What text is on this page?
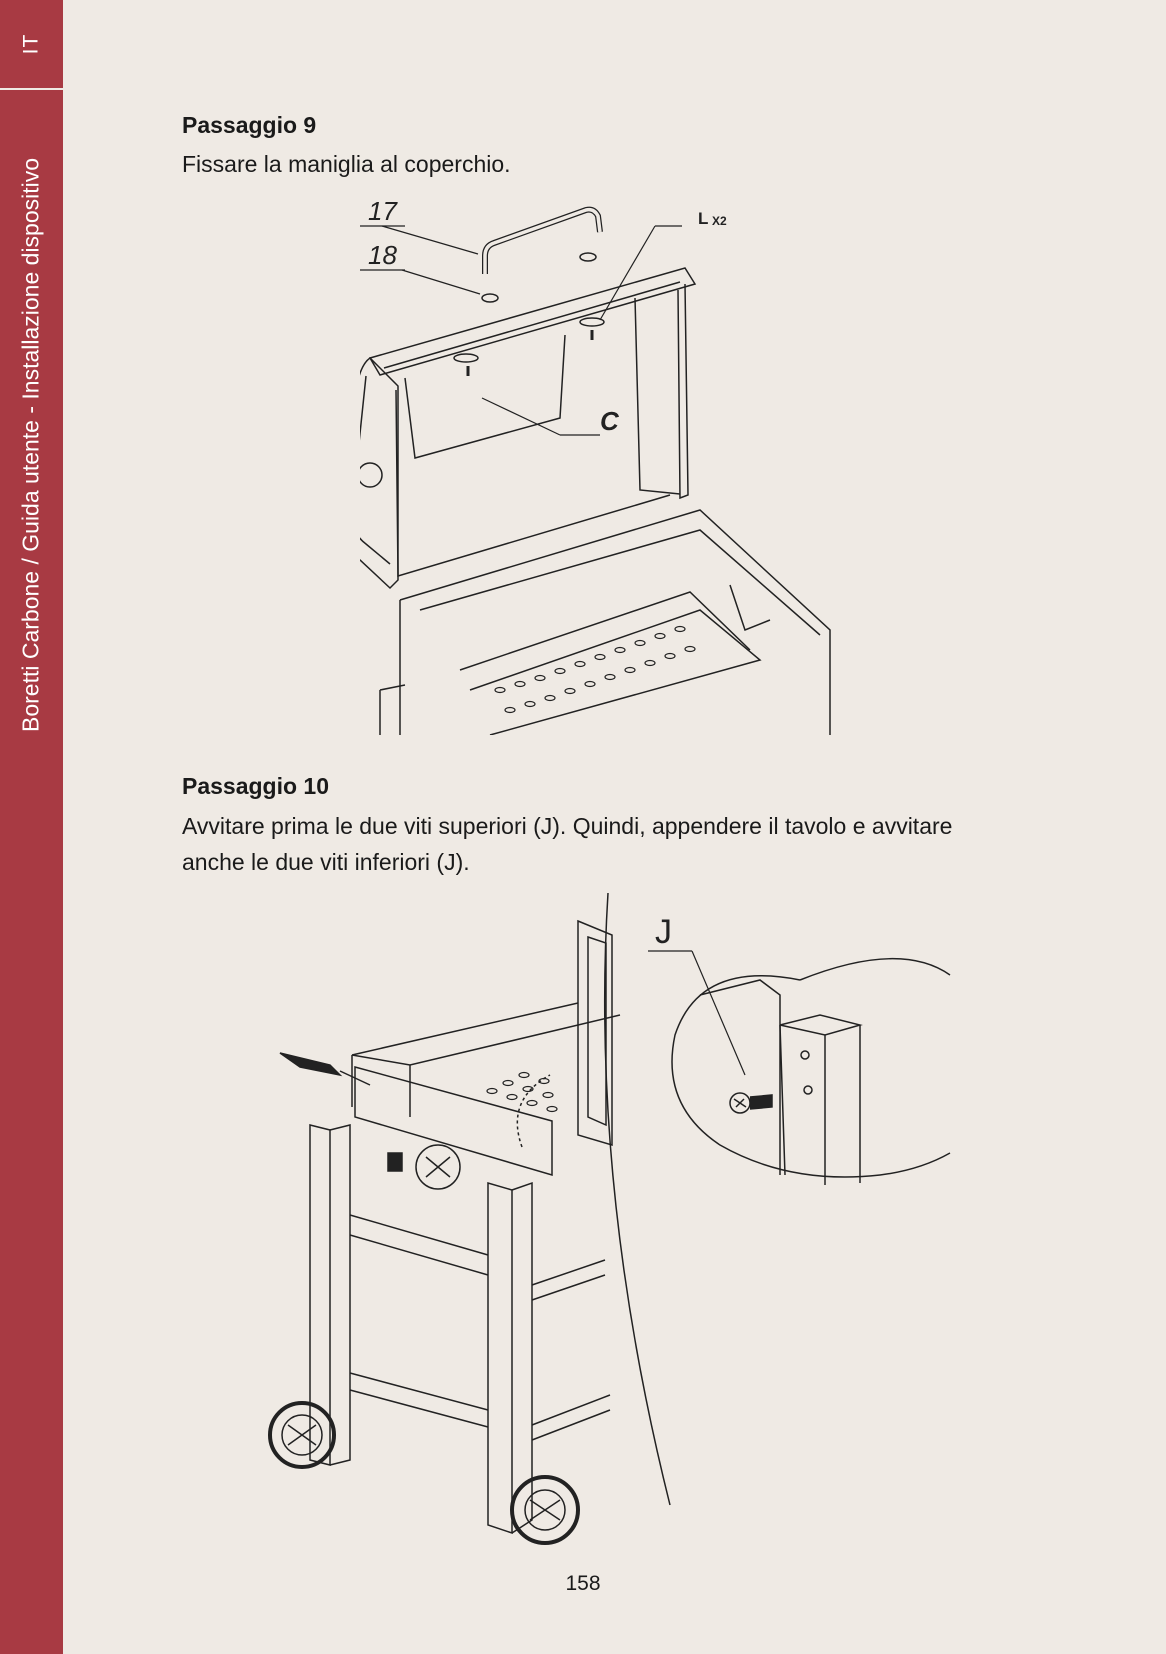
IT
Boretti Carbone / Guida utente - Installazione dispositivo
Passaggio 9
Fissare la maniglia al coperchio.
17
18
L X2
C
Passaggio 10
Avvitare prima le due viti superiori (J). Quindi, appendere il tavolo e avvitare
anche le due viti inferiori (J).
J
158
